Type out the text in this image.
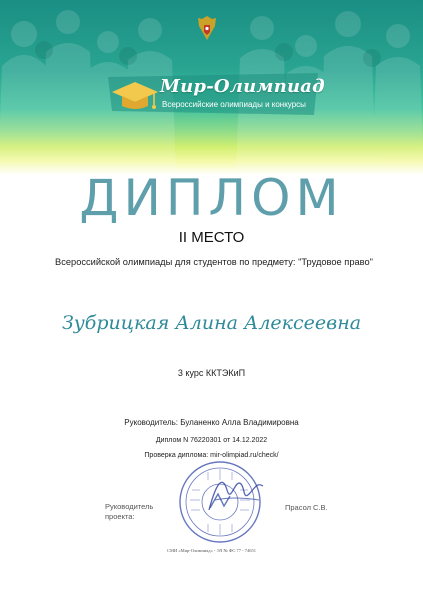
Мир-Олимпиад
Всероссийские олимпиады и конкурсы
ДИПЛОМ
II МЕСТО
Всероссийской олимпиады для студентов по предмету: "Трудовое право"
Зубрицкая Алина Алексеевна
3 курс ККТЭКиП
Руководитель: Буланенко Алла Владимировна
Диплом N 76220301 от 14.12.2022
Проверка диплома: mir-olimpiad.ru/check/
Руководитель проекта:
Прасол С.В.
СМИ «Мир-Олимпиад» - ЭЛ № ФС 77 - 74651
